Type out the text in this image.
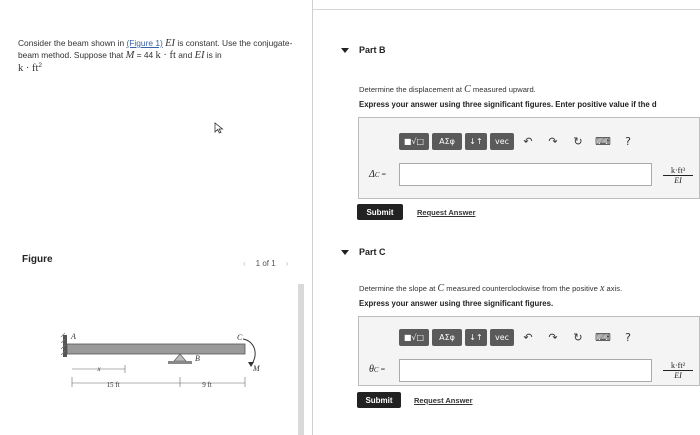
Consider the beam shown in (Figure 1) EI is constant. Use the conjugate-beam method. Suppose that M = 44 k · ft and EI is in
$k \cdot ft^2$
Figure	‹ 1 of 1 ›
x
A
B
C
M
15 ft	9 ft
Part B
Determine the displacement at C measured upward.
Express your answer using three significant figures. Enter positive value if the d
■√□	AΣφ	↓↑	vec	↶	↷	↻	⌨	?
ΔC =	$\frac{\text{k·ft³}}{EI}$
Submit	Request Answer
Part C
Determine the slope at C measured counterclockwise from the positive x axis.
Express your answer using three significant figures.
■√□	AΣφ	↓↑	vec	↶	↷	↻	⌨	?
θC =	$\frac{\text{k·ft²}}{EI}$
Submit	Request Answer
